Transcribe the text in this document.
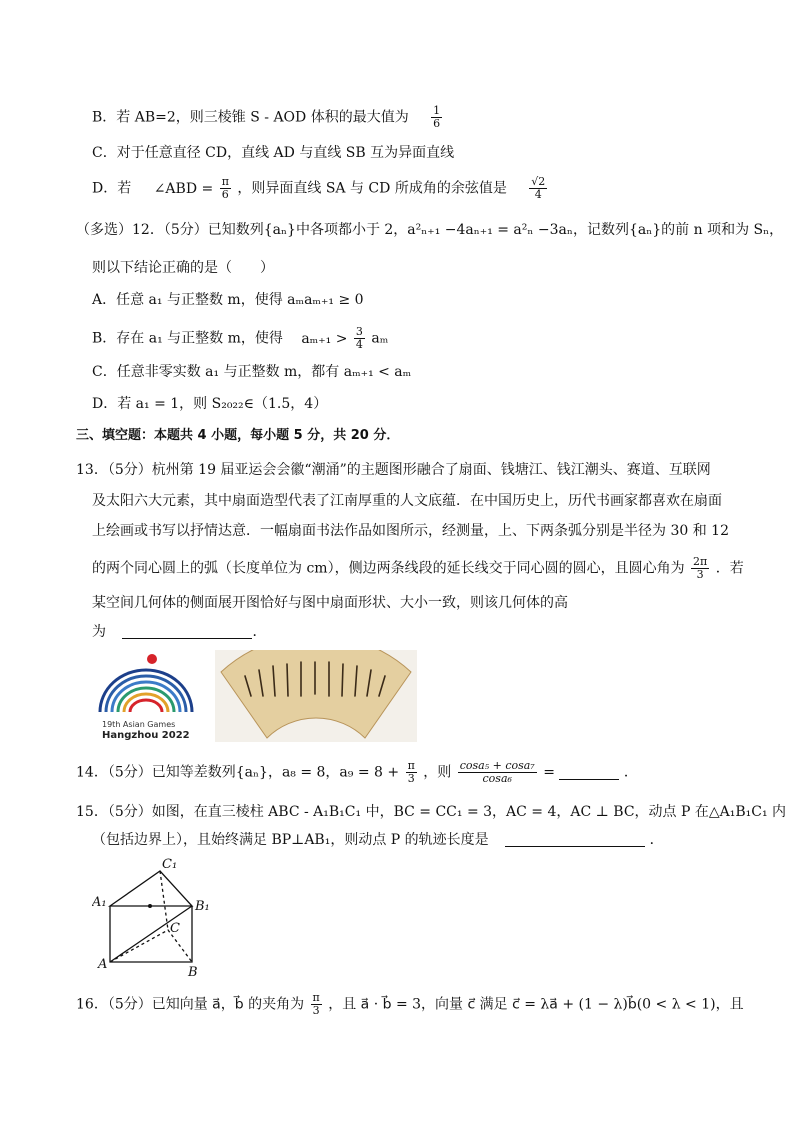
B．若 AB=2，则三棱锥 S - AOD 体积的最大值为 $\frac{1}{6}$
C．对于任意直径 CD，直线 AD 与直线 SB 互为异面直线
D．若 ∠ABD = $\frac{\pi}{6}$ ，则异面直线 SA 与 CD 所成角的余弦值是 $\frac{√2}{4}$
（多选）12．（5分）已知数列{aₙ}中各项都小于 2，a²ₙ₊₁ −4aₙ₊₁ = a²ₙ −3aₙ，记数列{aₙ}的前 n 项和为 Sₙ，
则以下结论正确的是（　　）
A．任意 a₁ 与正整数 m，使得 aₘaₘ₊₁ ≥ 0
B．存在 a₁ 与正整数 m，使得 $a_{m+1} > \frac{3}{4}$ aₘ
C．任意非零实数 a₁ 与正整数 m，都有 aₘ₊₁ < aₘ
D．若 a₁ = 1，则 S₂₀₂₂∈（1.5，4）
三、填空题：本题共 4 小题，每小题 5 分，共 20 分．
13．（5分）杭州第 19 届亚运会会徽“潮涌”的主题图形融合了扇面、钱塘江、钱江潮头、赛道、互联网
及太阳六大元素，其中扇面造型代表了江南厚重的人文底蕴．在中国历史上，历代书画家都喜欢在扇面
上绘画或书写以抒情达意．一幅扇面书法作品如图所示，经测量，上、下两条弧分别是半径为 30 和 12
的两个同心圆上的弧（长度单位为 cm），侧边两条线段的延长线交于同心圆的圆心，且圆心角为 $\frac{2\pi}{3}$ ．若
某空间几何体的侧面展开图恰好与图中扇面形状、大小一致，则该几何体的高
为	．
19th Asian Games
Hangzhou 2022
14．（5分）已知等差数列{aₙ}，a₈ = 8，$a_9 = 8 + \frac{\pi}{3}$ ，则 $\frac{\text{cosa₅ + cosa₇}}{\text{cosa₆}}$ =	．
15．（5分）如图，在直三棱柱 ABC - A₁B₁C₁ 中，BC = CC₁ = 3，AC = 4，AC ⊥ BC，动点 P 在△A₁B₁C₁ 内
（包括边界上），且始终满足 BP⊥AB₁，则动点 P 的轨迹长度是	．
C₁
A₁	B₁
C
A
B
16．（5分）已知向量 a⃗，b⃗ 的夹角为 $\frac{\pi}{3}$ ，且 a⃗ · b⃗ = 3，向量 c⃗ 满足 c⃗ = λa⃗ + (1 − λ)b⃗(0 < λ < 1)，且
